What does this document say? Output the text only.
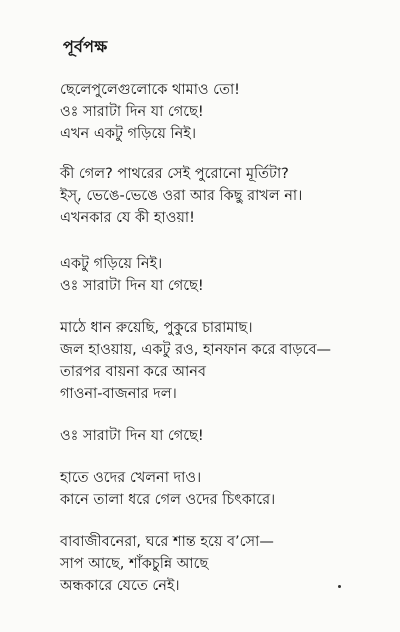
পূর্বপক্ষ
ছেলেপুলেগুলোকে থামাও তো!
ওঃ সারাটা দিন যা গেছে!
এখন একটু গড়িয়ে নিই।
কী গেল? পাথরের সেই পুরোনো মূর্তিটা?
ইস্‌, ভেঙে-ভেঙে ওরা আর কিছু রাখল না।
এখনকার যে কী হাওয়া!
একটু গড়িয়ে নিই।
ওঃ সারাটা দিন যা গেছে!
মাঠে ধান রুয়েছি, পুকুরে চারামাছ।
জল হাওয়ায়, একটু রও, হানফান করে বাড়বে—
তারপর বায়না করে আনব
গাওনা-বাজনার দল।
ওঃ সারাটা দিন যা গেছে!
হাতে ওদের খেলনা দাও।
কানে তালা ধরে গেল ওদের চিৎকারে।
বাবাজীবনেরা, ঘরে শান্ত হয়ে ব’সো—
সাপ আছে, শাঁকচুন্নি আছে
অন্ধকারে যেতে নেই।
